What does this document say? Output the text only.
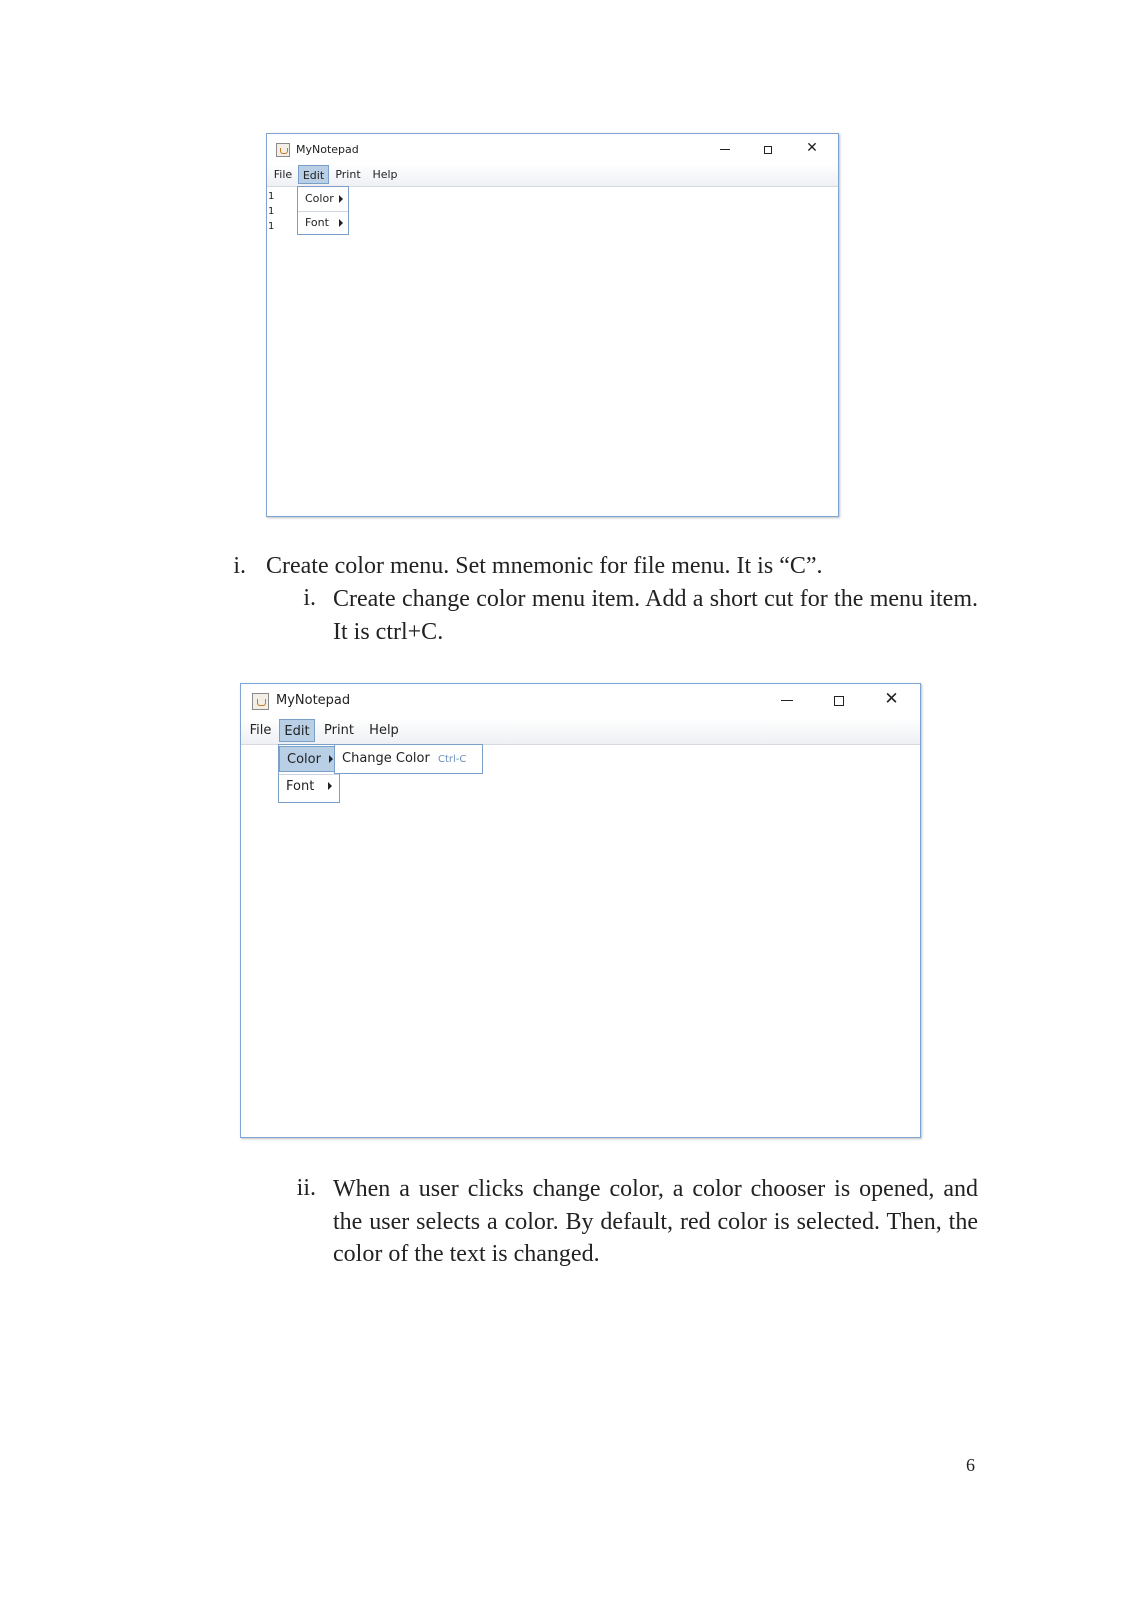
MyNotepad	✕
File Edit	Print Help
1
1
1
Color
Font
i. Create color menu. Set mnemonic for file menu. It is “C”.
i. Create change color menu item. Add a short cut for the menu item. It is ctrl+C.
MyNotepad	✕
File	Edit	Print Help
Color
Font
Change Color Ctrl-C
ii. When a user clicks change color, a color chooser is opened, and the user selects a color. By default, red color is selected. Then, the color of the text is changed.
6
